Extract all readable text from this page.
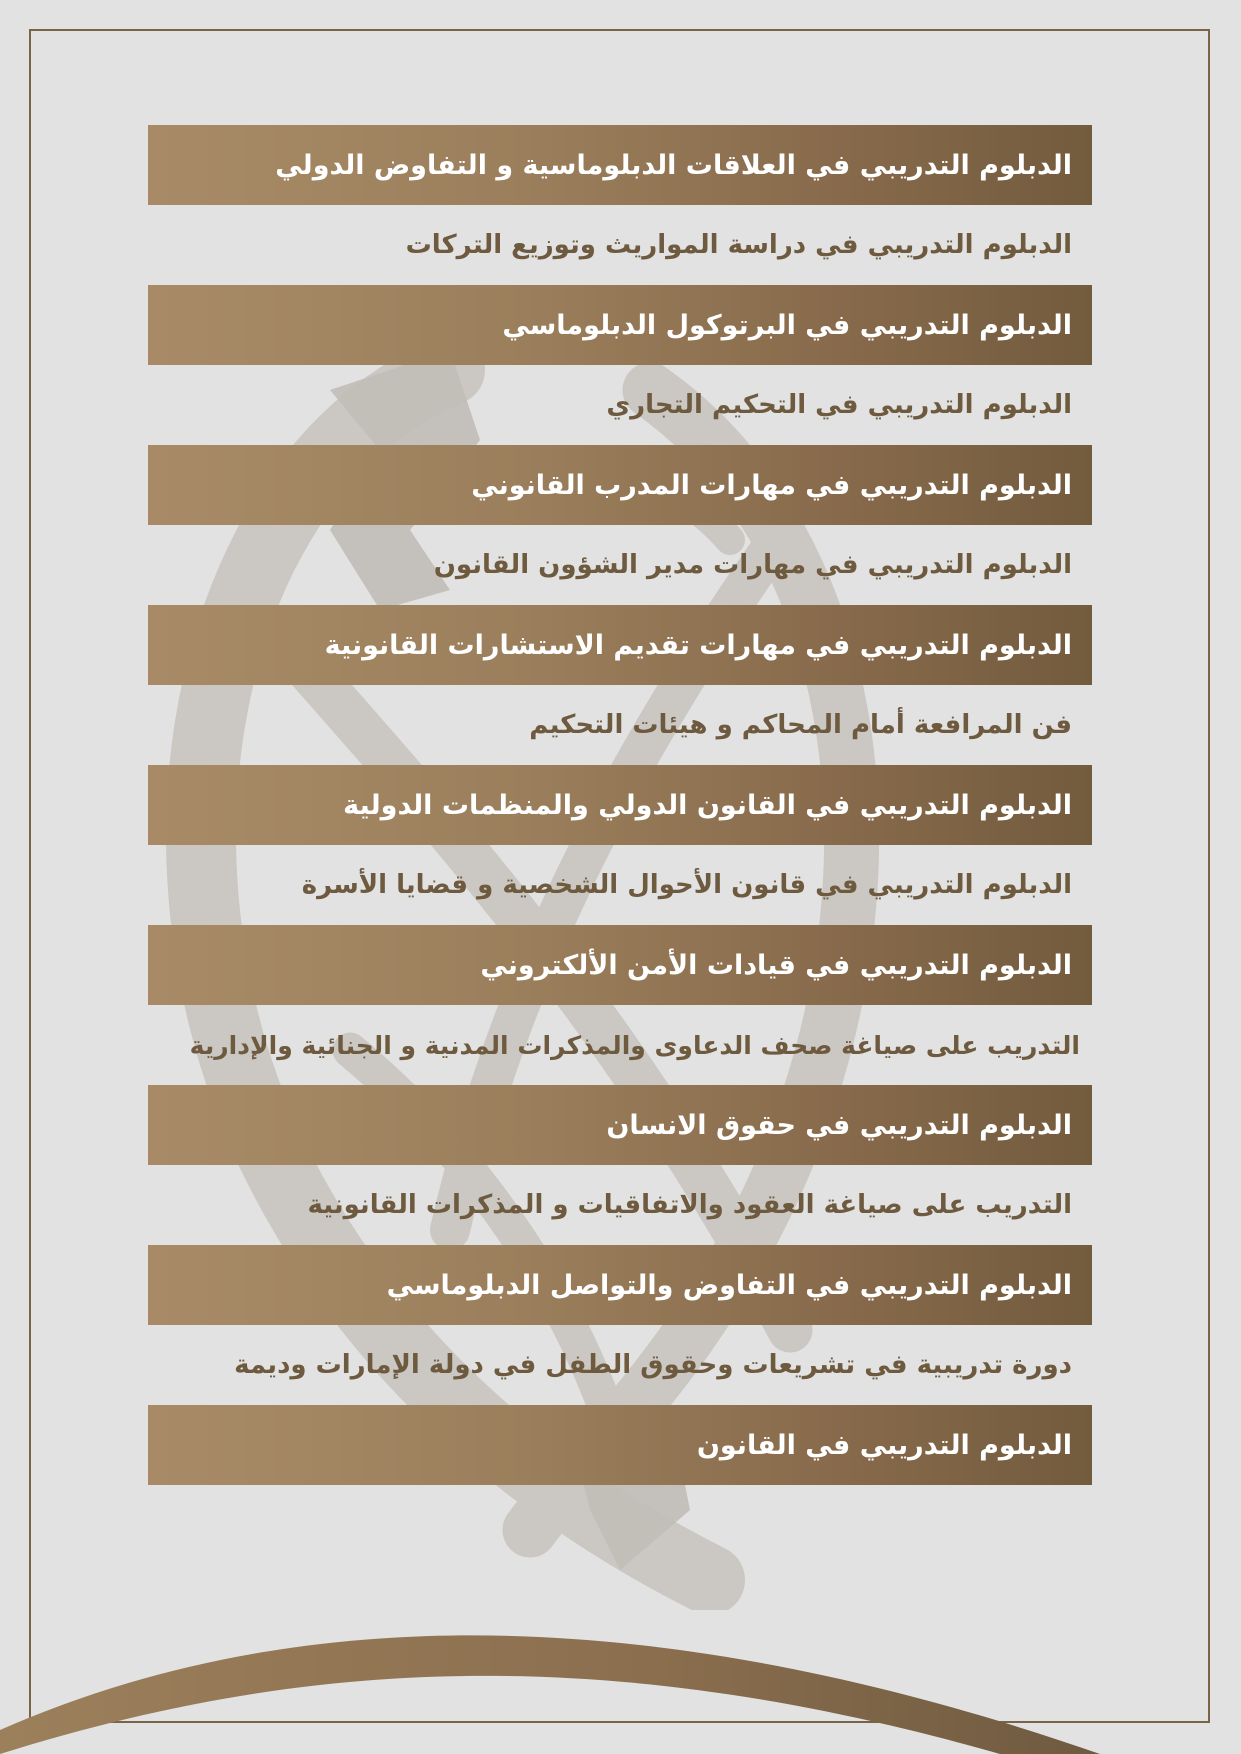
الدبلوم التدريبي في العلاقات الدبلوماسية و التفاوض الدولي
الدبلوم التدريبي في دراسة المواريث وتوزيع التركات
الدبلوم التدريبي في البرتوكول الدبلوماسي
الدبلوم التدريبي في التحكيم التجاري
الدبلوم التدريبي في مهارات المدرب القانوني
الدبلوم التدريبي في مهارات مدير الشؤون القانون
الدبلوم التدريبي في مهارات تقديم الاستشارات القانونية
فن المرافعة أمام المحاكم و هيئات التحكيم
الدبلوم التدريبي في القانون الدولي والمنظمات الدولية
الدبلوم التدريبي في قانون الأحوال الشخصية و قضايا الأسرة
الدبلوم التدريبي في قيادات الأمن الألكتروني
التدريب على صياغة صحف الدعاوى والمذكرات المدنية و الجنائية والإدارية
الدبلوم التدريبي في حقوق الانسان
التدريب على صياغة العقود والاتفاقيات و المذكرات القانونية
الدبلوم التدريبي في التفاوض والتواصل الدبلوماسي
دورة تدريبية في تشريعات وحقوق الطفل في دولة الإمارات وديمة
الدبلوم التدريبي في القانون
